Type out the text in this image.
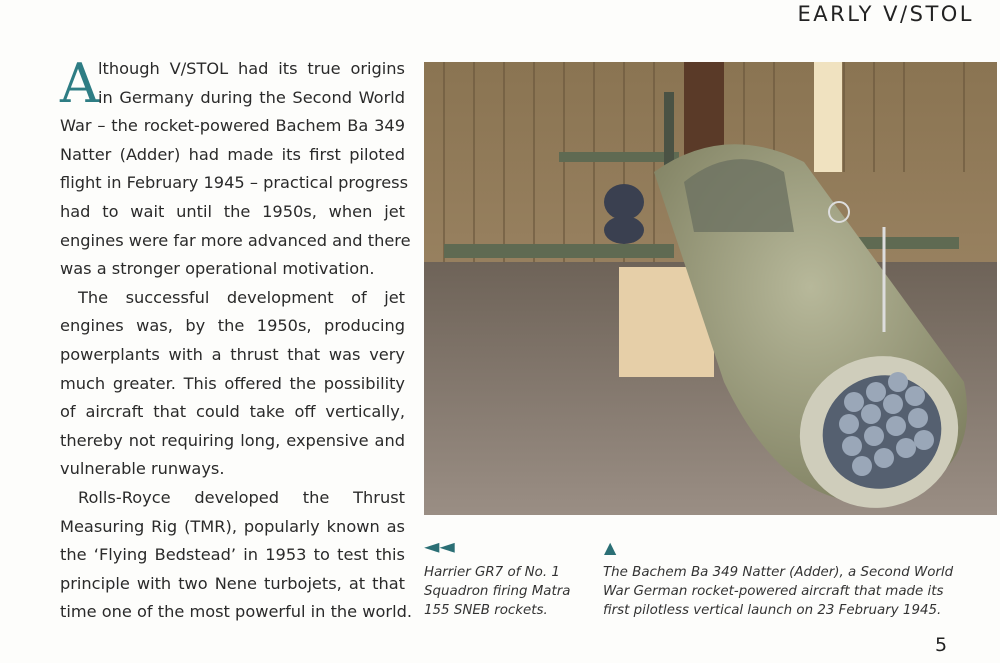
EARLY V/STOL
A lthough V/STOL had its true origins
in Germany during the Second World
War – the rocket-powered Bachem Ba 349
Natter (Adder) had made its first piloted
flight in February 1945 – practical progress
had to wait until the 1950s, when jet
engines were far more advanced and there
was a stronger operational motivation.
The successful development of jet
engines was, by the 1950s, producing
powerplants with a thrust that was very
much greater. This offered the possibility
of aircraft that could take off vertically,
thereby not requiring long, expensive and
vulnerable runways.
Rolls-Royce developed the Thrust
Measuring Rig (TMR), popularly known as
the ‘Flying Bedstead’ in 1953 to test this
principle with two Nene turbojets, at that
time one of the most powerful in the world.
◄◄
Harrier GR7 of No. 1
Squadron firing Matra
155 SNEB rockets.
▲
The Bachem Ba 349 Natter (Adder), a Second World
War German rocket-powered aircraft that made its
first pilotless vertical launch on 23 February 1945.
5
